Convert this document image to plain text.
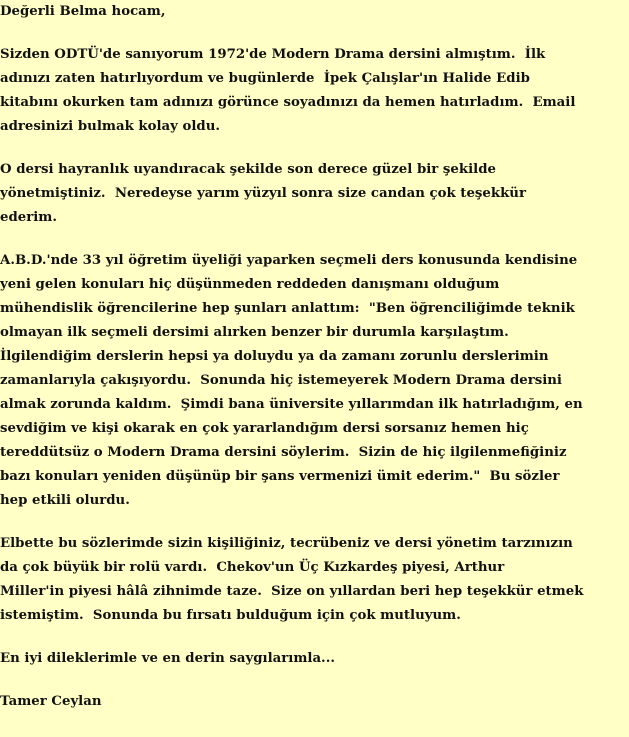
Değerli Belma hocam,
Sizden ODTÜ'de sanıyorum 1972'de Modern Drama dersini almıştım.  İlk
adınızı zaten hatırlıyordum ve bugünlerde  İpek Çalışlar'ın Halide Edib
kitabını okurken tam adınızı görünce soyadınızı da hemen hatırladım.  Email
adresinizi bulmak kolay oldu.
O dersi hayranlık uyandıracak şekilde son derece güzel bir şekilde
yönetmiştiniz.  Neredeyse yarım yüzyıl sonra size candan çok teşekkür
ederim.
A.B.D.'nde 33 yıl öğretim üyeliği yaparken seçmeli ders konusunda kendisine
yeni gelen konuları hiç düşünmeden reddeden danışmanı olduğum
mühendislik öğrencilerine hep şunları anlattım:  "Ben öğrenciliğimde teknik
olmayan ilk seçmeli dersimi alırken benzer bir durumla karşılaştım.
İlgilendiğim derslerin hepsi ya doluydu ya da zamanı zorunlu derslerimin
zamanlarıyla çakışıyordu.  Sonunda hiç istemeyerek Modern Drama dersini
almak zorunda kaldım.  Şimdi bana üniversite yıllarımdan ilk hatırladığım, en
sevdiğim ve kişi okarak en çok yararlandığım dersi sorsanız hemen hiç
tereddütsüz o Modern Drama dersini söylerim.  Sizin de hiç ilgilenmefiğiniz
bazı konuları yeniden düşünüp bir şans vermenizi ümit ederim."  Bu sözler
hep etkili olurdu.
Elbette bu sözlerimde sizin kişiliğiniz, tecrübeniz ve dersi yönetim tarzınızın
da çok büyük bir rolü vardı.  Chekov'un Üç Kızkardeş piyesi, Arthur
Miller'in piyesi hâlâ zihnimde taze.  Size on yıllardan beri hep teşekkür etmek
istemiştim.  Sonunda bu fırsatı bulduğum için çok mutluyum.
En iyi dileklerimle ve en derin saygılarımla...
Tamer Ceylan
